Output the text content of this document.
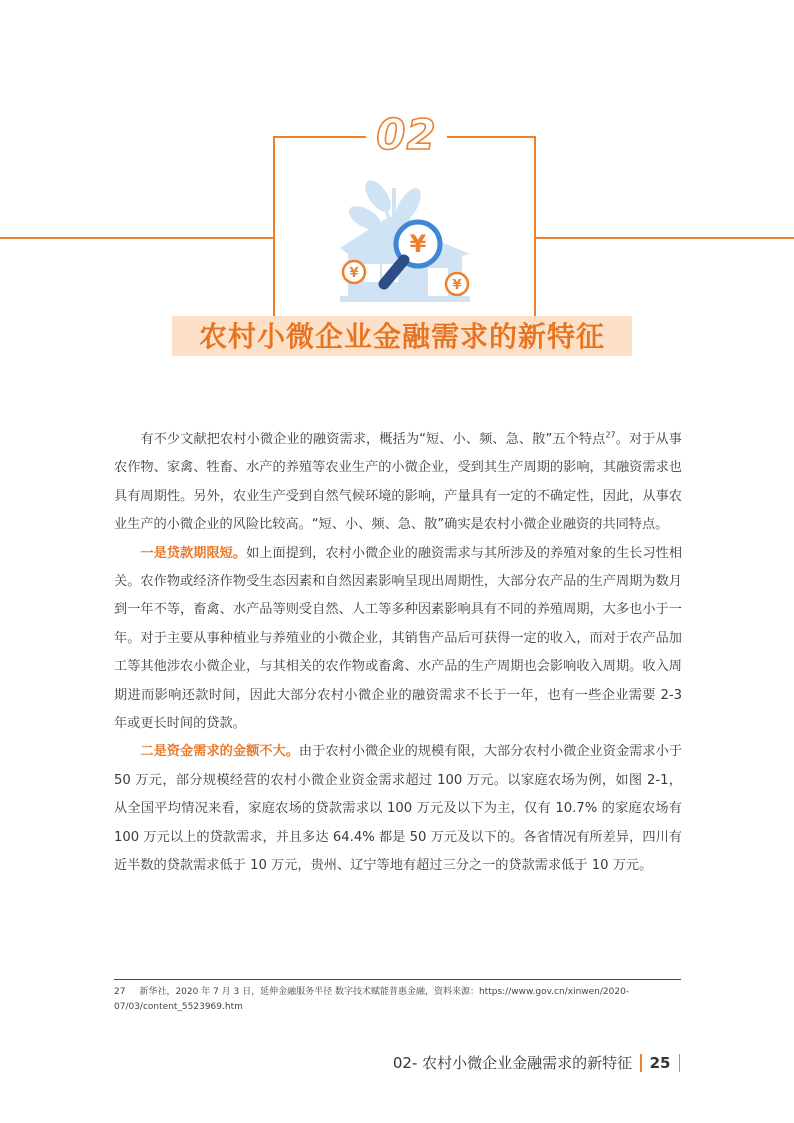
02
¥
¥
¥
农村小微企业金融需求的新特征

有不少文献把农村小微企业的融资需求，概括为“短、小、频、急、散”五个特点$^{27}$。对于从事农作物、家禽、牲畜、水产的养殖等农业生产的小微企业，受到其生产周期的影响，其融资需求也具有周期性。另外，农业生产受到自然气候环境的影响，产量具有一定的不确定性，因此，从事农业生产的小微企业的风险比较高。“短、小、频、急、散”确实是农村小微企业融资的共同特点。

一是贷款期限短。如上面提到，农村小微企业的融资需求与其所涉及的养殖对象的生长习性相关。农作物或经济作物受生态因素和自然因素影响呈现出周期性，大部分农产品的生产周期为数月到一年不等，畜禽、水产品等则受自然、人工等多种因素影响具有不同的养殖周期，大多也小于一年。对于主要从事种植业与养殖业的小微企业，其销售产品后可获得一定的收入，而对于农产品加工等其他涉农小微企业，与其相关的农作物或畜禽、水产品的生产周期也会影响收入周期。收入周期进而影响还款时间，因此大部分农村小微企业的融资需求不长于一年，也有一些企业需要 2-3 年或更长时间的贷款。

二是资金需求的金额不大。由于农村小微企业的规模有限，大部分农村小微企业资金需求小于 50 万元，部分规模经营的农村小微企业资金需求超过 100 万元。以家庭农场为例，如图 2-1，从全国平均情况来看，家庭农场的贷款需求以 100 万元及以下为主，仅有 10.7% 的家庭农场有 100 万元以上的贷款需求，并且多达 64.4% 都是 50 万元及以下的。各省情况有所差异，四川有近半数的贷款需求低于 10 万元，贵州、辽宁等地有超过三分之一的贷款需求低于 10 万元。

27 新华社，2020 年 7 月 3 日，延伸金融服务半径 数字技术赋能普惠金融，资料来源：https://www.gov.cn/xinwen/2020-07/03/content_5523969.htm
02- 农村小微企业金融需求的新特征 25
